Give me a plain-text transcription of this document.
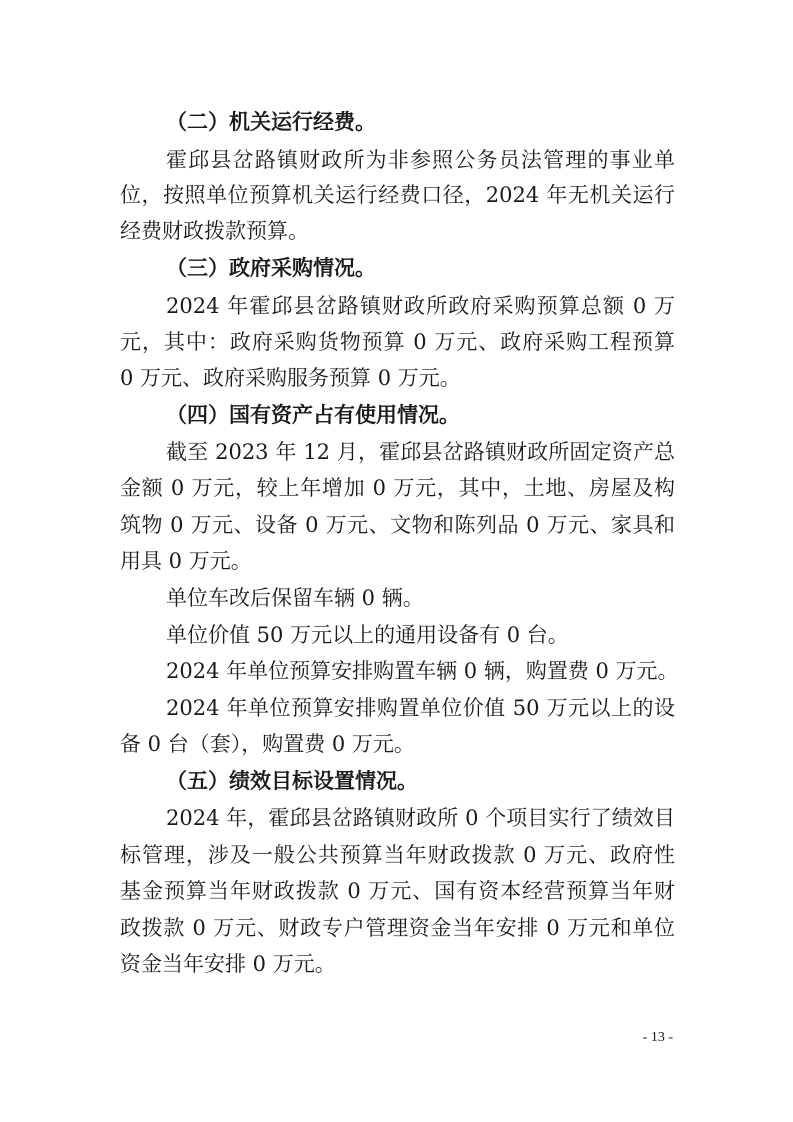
（二）机关运行经费。
霍邱县岔路镇财政所为非参照公务员法管理的事业单
位，按照单位预算机关运行经费口径，2024 年无机关运行
经费财政拨款预算。
（三）政府采购情况。
2024 年霍邱县岔路镇财政所政府采购预算总额 0 万
元，其中：政府采购货物预算 0 万元、政府采购工程预算
0 万元、政府采购服务预算 0 万元。
（四）国有资产占有使用情况。
截至 2023 年 12 月，霍邱县岔路镇财政所固定资产总
金额 0 万元，较上年增加 0 万元，其中，土地、房屋及构
筑物 0 万元、设备 0 万元、文物和陈列品 0 万元、家具和
用具 0 万元。
单位车改后保留车辆 0 辆。
单位价值 50 万元以上的通用设备有 0 台。
2024 年单位预算安排购置车辆 0 辆，购置费 0 万元。
2024 年单位预算安排购置单位价值 50 万元以上的设
备 0 台（套），购置费 0 万元。
（五）绩效目标设置情况。
2024 年，霍邱县岔路镇财政所 0 个项目实行了绩效目
标管理，涉及一般公共预算当年财政拨款 0 万元、政府性
基金预算当年财政拨款 0 万元、国有资本经营预算当年财
政拨款 0 万元、财政专户管理资金当年安排 0 万元和单位
资金当年安排 0 万元。
- 13 -
